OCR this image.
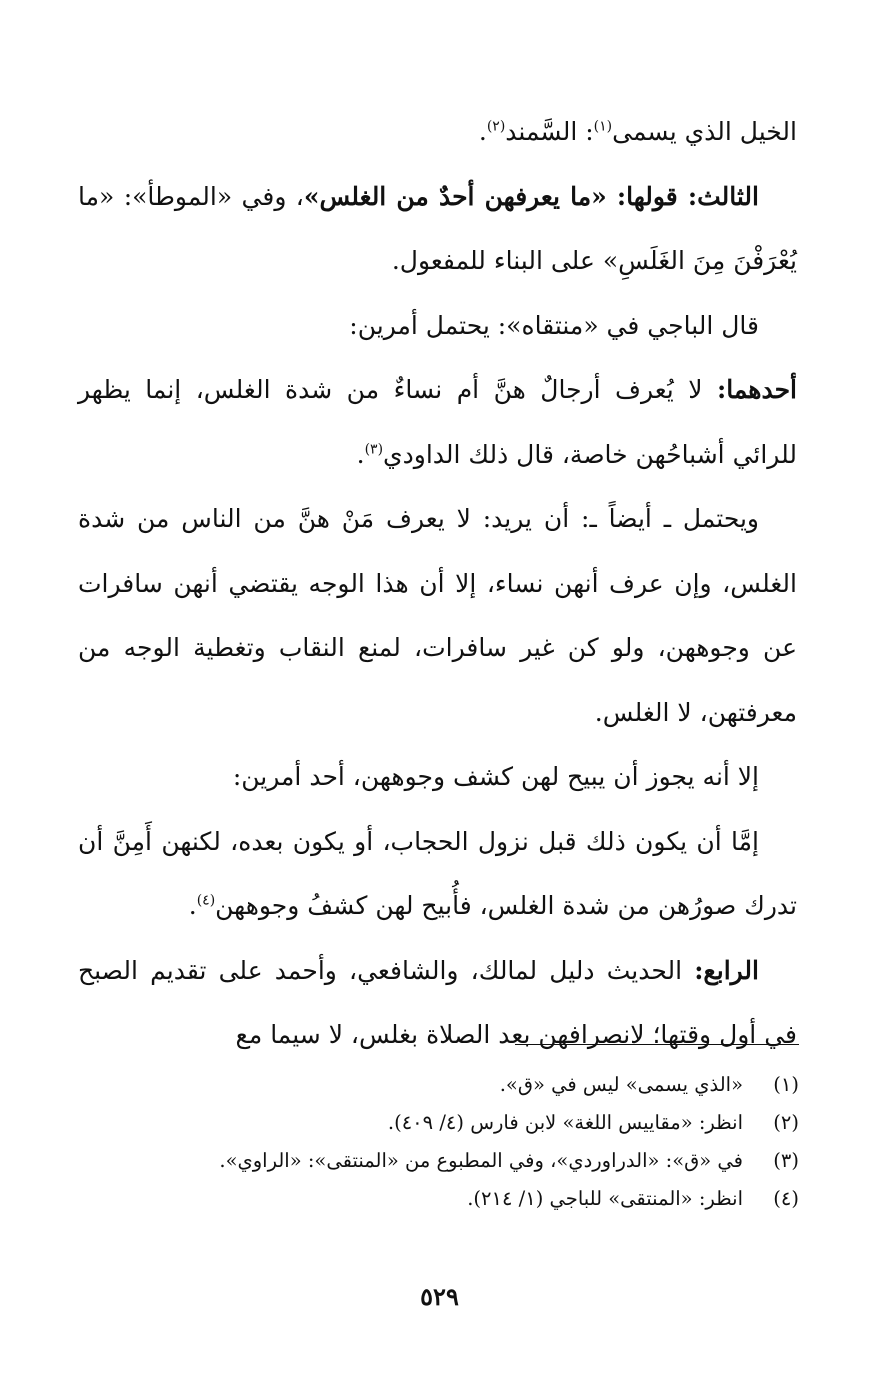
الخيل الذي يسمى$^{(١)}$: السَّمند$^{(٢)}$.

الثالث: قولها: «ما يعرفهن أحدٌ من الغلس»، وفي «الموطأ»: «ما يُعْرَفْنَ مِنَ الغَلَسِ» على البناء للمفعول.

قال الباجي في «منتقاه»: يحتمل أمرين:

أحدهما: لا يُعرف أرجالٌ هنَّ أم نساءٌ من شدة الغلس، إنما يظهر للرائي أشباحُهن خاصة، قال ذلك الداودي$^{(٣)}$.

ويحتمل ـ أيضاً ـ: أن يريد: لا يعرف مَنْ هنَّ من الناس من شدة الغلس، وإن عرف أنهن نساء، إلا أن هذا الوجه يقتضي أنهن سافرات عن وجوههن، ولو كن غير سافرات، لمنع النقاب وتغطية الوجه من معرفتهن، لا الغلس.

إلا أنه يجوز أن يبيح لهن كشف وجوههن، أحد أمرين:

إمَّا أن يكون ذلك قبل نزول الحجاب، أو يكون بعده، لكنهن أَمِنَّ أن تدرك صورُهن من شدة الغلس، فأُبيح لهن كشفُ وجوههن$^{(٤)}$.

الرابع: الحديث دليل لمالك، والشافعي، وأحمد على تقديم الصبح في أول وقتها؛ لانصرافهن بعد الصلاة بغلس، لا سيما مع

(١)
«الذي يسمى» ليس في «ق».
(٢)
انظر: «مقاييس اللغة» لابن فارس (٤/ ٤٠٩).
(٣)
في «ق»: «الدراوردي»، وفي المطبوع من «المنتقى»: «الراوي».
(٤)
انظر: «المنتقى» للباجي (١/ ٢١٤).
٥٢٩
